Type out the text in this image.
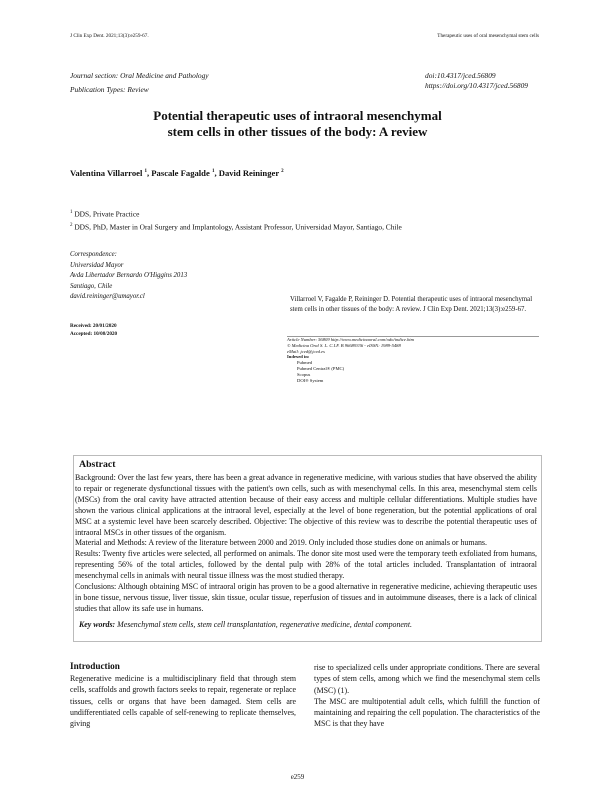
J Clin Exp Dent. 2021;13(3):e259-67.	Therapeutic uses of oral mesenchymal stem cells
Journal section: Oral Medicine and Pathology
Publication Types: Review
doi:10.4317/jced.56809
https://doi.org/10.4317/jced.56809
Potential therapeutic uses of intraoral mesenchymal
stem cells in other tissues of the body: A review
Valentina Villarroel $^1$, Pascale Fagalde $^1$, David Reininger $^2$
$^1$ DDS, Private Practice
$^2$ DDS, PhD, Master in Oral Surgery and Implantology, Assistant Professor, Universidad Mayor, Santiago, Chile
Correspondence:
Universidad Mayor
Avda Libertador Bernardo O'Higgins 2013
Santiago, Chile
david.reininger@umayor.cl
Received: 20/01/2020
Accepted: 10/08/2020
Villarroel V, Fagalde P, Reininger D. Potential therapeutic uses of intraoral mesenchymal stem cells in other tissues of the body: A review. J Clin Exp Dent. 2021;13(3):e259-67.
Article Number: 56809 http://www.medicinaoral.com/odo/indice.htm
© Medicina Oral S. L. C.I.F. B 96689336 - eISSN: 1989-5488
eMail: jced@jced.es
Indexed in:
Pubmed
Pubmed Central® (PMC)
Scopus
DOI® System
Abstract

Background: Over the last few years, there has been a great advance in regenerative medicine, with various studies that have observed the ability to repair or regenerate dysfunctional tissues with the patient's own cells, such as with mesenchymal cells. In this area, mesenchymal stem cells (MSCs) from the oral cavity have attracted attention because of their easy access and multiple cellular differentiations. Multiple studies have shown the various clinical applications at the intraoral level, especially at the level of bone regeneration, but the potential applications of oral MSC at a systemic level have been scarcely described. Objective: The objective of this review was to describe the potential therapeutic uses of intraoral MSCs in other tissues of the organism.

Material and Methods: A review of the literature between 2000 and 2019. Only included those studies done on animals or humans.

Results: Twenty five articles were selected, all performed on animals. The donor site most used were the temporary teeth exfoliated from humans, representing 56% of the total articles, followed by the dental pulp with 28% of the total articles included. Transplantation of intraoral mesenchymal cells in animals with neural tissue illness was the most studied therapy.

Conclusions: Although obtaining MSC of intraoral origin has proven to be a good alternative in regenerative medicine, achieving therapeutic uses in bone tissue, nervous tissue, liver tissue, skin tissue, ocular tissue, reperfusion of tissues and in autoimmune diseases, there is a lack of clinical studies that allow its safe use in humans.

Key words: Mesenchymal stem cells, stem cell transplantation, regenerative medicine, dental component.
Introduction

Regenerative medicine is a multidisciplinary field that through stem cells, scaffolds and growth factors seeks to repair, regenerate or replace tissues, cells or organs that have been damaged. Stem cells are undifferentiated cells capable of self-renewing to replicate themselves, giving

rise to specialized cells under appropriate conditions. There are several types of stem cells, among which we find the mesenchymal stem cells (MSC) (1).

The MSC are multipotential adult cells, which fulfill the function of maintaining and repairing the cell population. The characteristics of the MSC is that they have

e259
